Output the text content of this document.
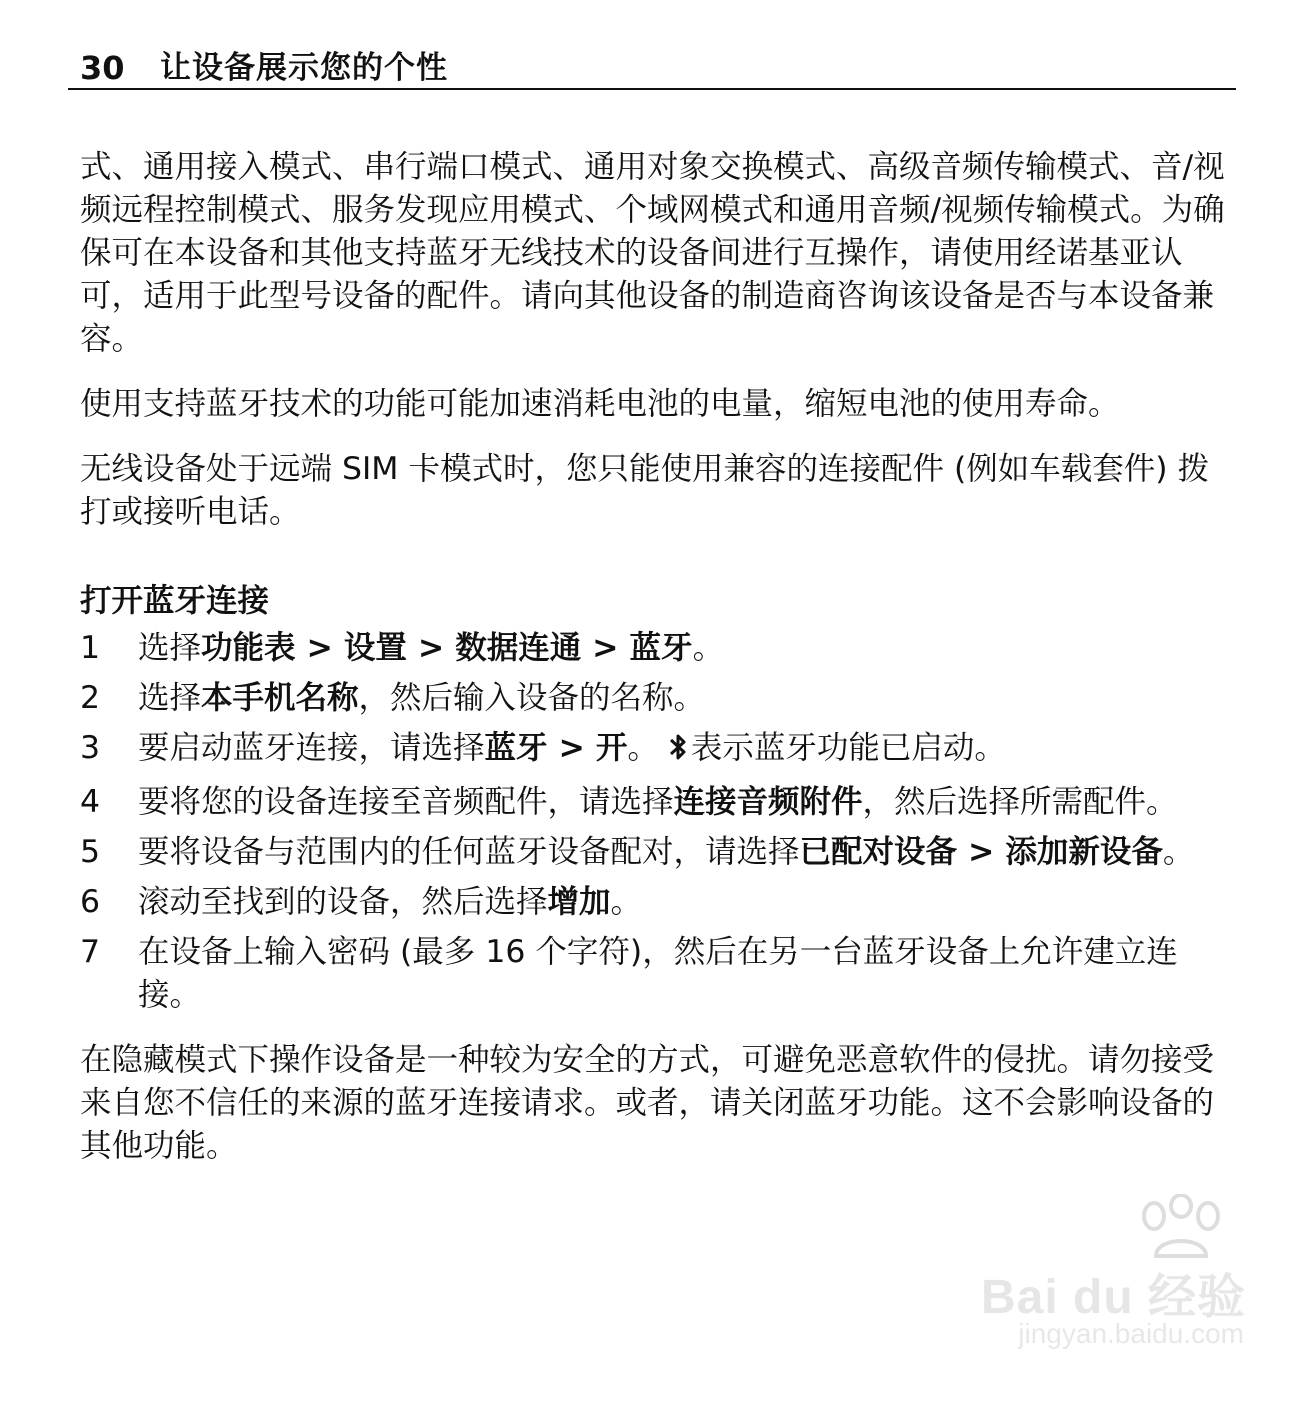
30 让设备展示您的个性

式、通用接入模式、串行端口模式、通用对象交换模式、高级音频传输模式、音/视频远程控制模式、服务发现应用模式、个域网模式和通用音频/视频传输模式。为确保可在本设备和其他支持蓝牙无线技术的设备间进行互操作，请使用经诺基亚认可，适用于此型号设备的配件。请向其他设备的制造商咨询该设备是否与本设备兼容。

使用支持蓝牙技术的功能可能加速消耗电池的电量，缩短电池的使用寿命。

无线设备处于远端 SIM 卡模式时，您只能使用兼容的连接配件 (例如车载套件) 拨打或接听电话。

打开蓝牙连接

1	选择功能表 > 设置 > 数据连通 > 蓝牙。
2	选择本手机名称，然后输入设备的名称。
3	要启动蓝牙连接，请选择蓝牙 > 开。 表示蓝牙功能已启动。
4	要将您的设备连接至音频配件，请选择连接音频附件，然后选择所需配件。
5	要将设备与范围内的任何蓝牙设备配对，请选择已配对设备 > 添加新设备。
6	滚动至找到的设备，然后选择增加。
7	在设备上输入密码 (最多 16 个字符)，然后在另一台蓝牙设备上允许建立连接。

在隐藏模式下操作设备是一种较为安全的方式，可避免恶意软件的侵扰。请勿接受来自您不信任的来源的蓝牙连接请求。或者，请关闭蓝牙功能。这不会影响设备的其他功能。

Bai du 经验
jingyan.baidu.com
